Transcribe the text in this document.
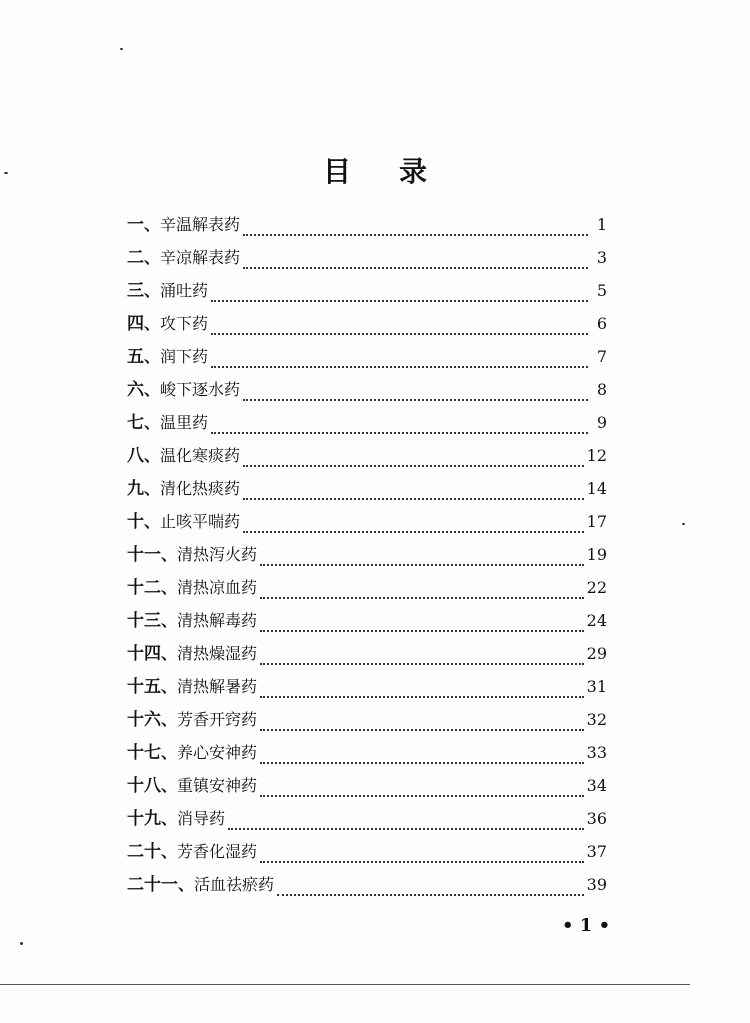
目 录
一 、 辛温解表药	1
二 、 辛凉解表药	3
三 、 涌吐药	5
四 、 攻下药	6
五 、 润下药	7
六 、 峻下逐水药	8
七 、 温里药	9
八 、 温化寒痰药	12
九 、 清化热痰药	14
十 、 止咳平喘药	17
十一 、 清热泻火药	19
十二 、 清热凉血药	22
十三 、 清热解毒药	24
十四 、 清热燥湿药	29
十五 、 清热解暑药	31
十六 、 芳香开窍药	32
十七 、 养心安神药	33
十八 、 重镇安神药	34
十九 、 消导药	36
二十 、 芳香化湿药	37
二十一 、 活血祛瘀药	39
• 1 •
